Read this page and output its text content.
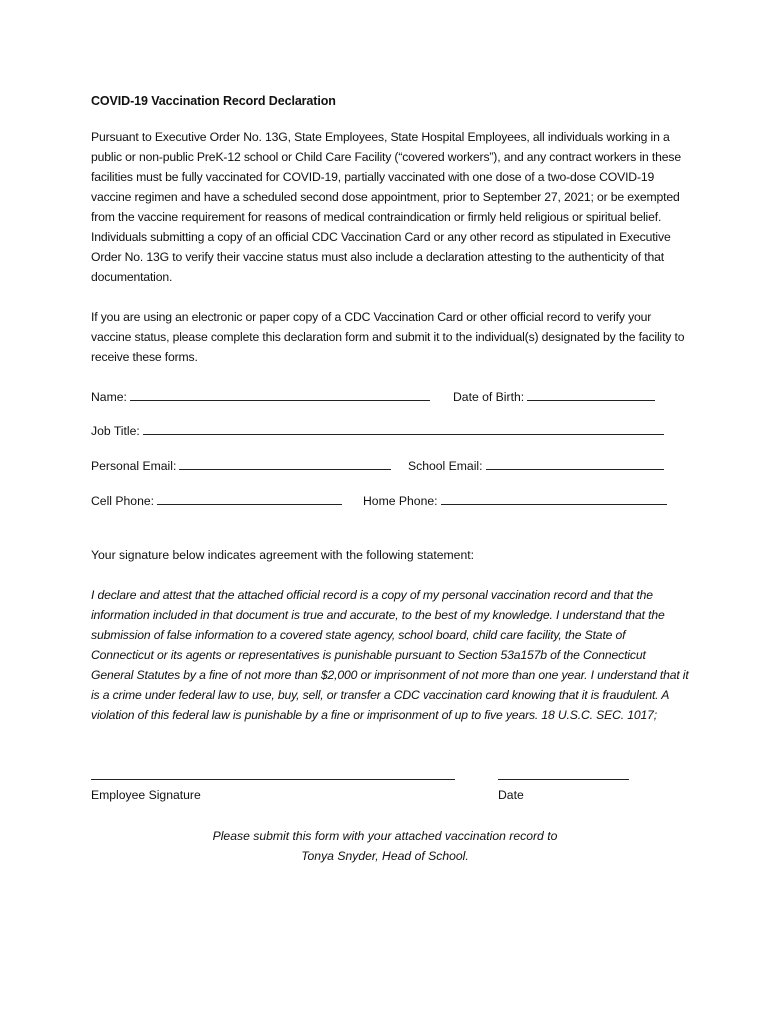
COVID-19 Vaccination Record Declaration
Pursuant to Executive Order No. 13G, State Employees, State Hospital Employees, all individuals working in a public or non-public PreK-12 school or Child Care Facility (“covered workers”), and any contract workers in these facilities must be fully vaccinated for COVID-19, partially vaccinated with one dose of a two-dose COVID-19 vaccine regimen and have a scheduled second dose appointment, prior to September 27, 2021; or be exempted from the vaccine requirement for reasons of medical contraindication or firmly held religious or spiritual belief. Individuals submitting a copy of an official CDC Vaccination Card or any other record as stipulated in Executive Order No. 13G to verify their vaccine status must also include a declaration attesting to the authenticity of that documentation.
If you are using an electronic or paper copy of a CDC Vaccination Card or other official record to verify your vaccine status, please complete this declaration form and submit it to the individual(s) designated by the facility to receive these forms.
Name:	Date of Birth:
Job Title:
Personal Email:	School Email:
Cell Phone:	Home Phone:
Your signature below indicates agreement with the following statement:
I declare and attest that the attached official record is a copy of my personal vaccination record and that the information included in that document is true and accurate, to the best of my knowledge. I understand that the submission of false information to a covered state agency, school board, child care facility, the State of Connecticut or its agents or representatives is punishable pursuant to Section 53a157b of the Connecticut General Statutes by a fine of not more than $2,000 or imprisonment of not more than one year. I understand that it is a crime under federal law to use, buy, sell, or transfer a CDC vaccination card knowing that it is fraudulent. A violation of this federal law is punishable by a fine or imprisonment of up to five years. 18 U.S.C. SEC. 1017;
Employee Signature	Date
Please submit this form with your attached vaccination record to
Tonya Snyder, Head of School.
